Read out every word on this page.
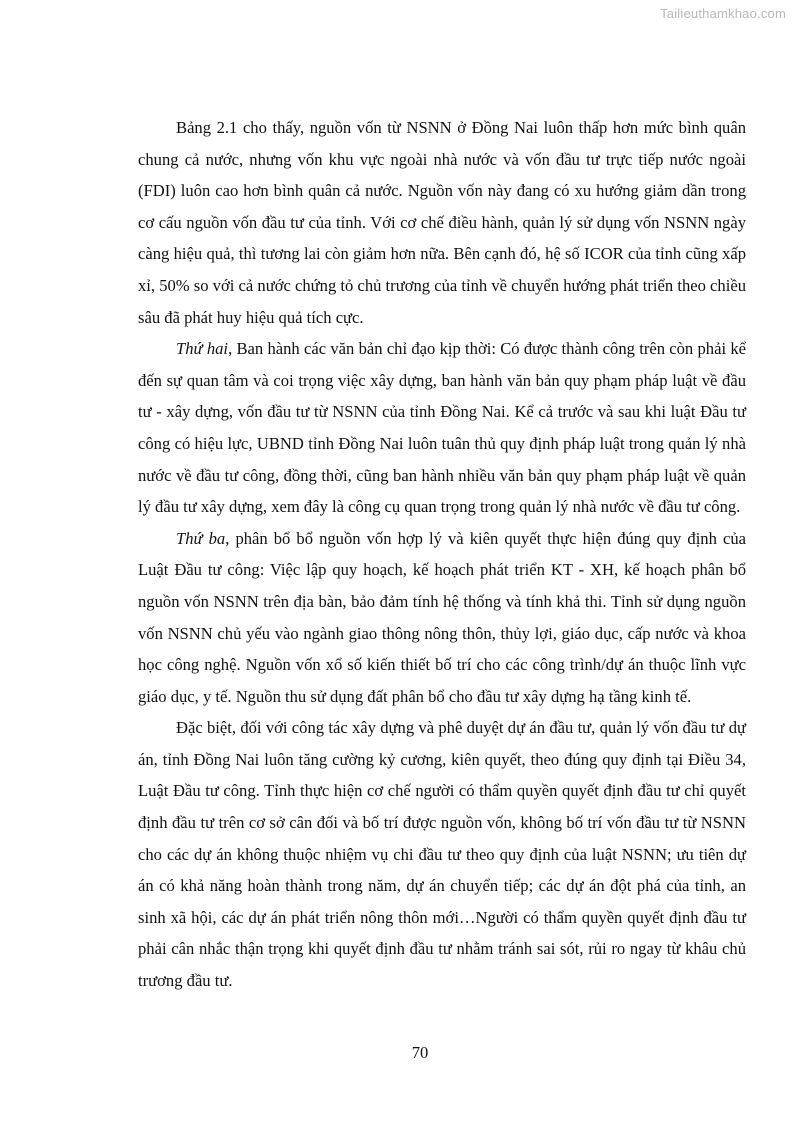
Tailieuthamkhao.com

Bảng 2.1 cho thấy, nguồn vốn từ NSNN ở Đồng Nai luôn thấp hơn mức bình quân chung cả nước, nhưng vốn khu vực ngoài nhà nước và vốn đầu tư trực tiếp nước ngoài (FDI) luôn cao hơn bình quân cả nước. Nguồn vốn này đang có xu hướng giảm dần trong cơ cấu nguồn vốn đầu tư của tỉnh. Với cơ chế điều hành, quản lý sử dụng vốn NSNN ngày càng hiệu quả, thì tương lai còn giảm hơn nữa. Bên cạnh đó, hệ số ICOR của tỉnh cũng xấp xỉ, 50% so với cả nước chứng tỏ chủ trương của tỉnh về chuyển hướng phát triển theo chiều sâu đã phát huy hiệu quả tích cực.

Thứ hai, Ban hành các văn bản chỉ đạo kịp thời: Có được thành công trên còn phải kể đến sự quan tâm và coi trọng việc xây dựng, ban hành văn bản quy phạm pháp luật về đầu tư - xây dựng, vốn đầu tư từ NSNN của tỉnh Đồng Nai. Kể cả trước và sau khi luật Đầu tư công có hiệu lực, UBND tỉnh Đồng Nai luôn tuân thủ quy định pháp luật trong quản lý nhà nước về đầu tư công, đồng thời, cũng ban hành nhiều văn bản quy phạm pháp luật về quản lý đầu tư xây dựng, xem đây là công cụ quan trọng trong quản lý nhà nước về đầu tư công.

Thứ ba, phân bổ bổ nguồn vốn hợp lý và kiên quyết thực hiện đúng quy định của Luật Đầu tư công: Việc lập quy hoạch, kế hoạch phát triển KT - XH, kế hoạch phân bổ nguồn vốn NSNN trên địa bàn, bảo đảm tính hệ thống và tính khả thi. Tỉnh sử dụng nguồn vốn NSNN chủ yếu vào ngành giao thông nông thôn, thủy lợi, giáo dục, cấp nước và khoa học công nghệ. Nguồn vốn xổ số kiến thiết bố trí cho các công trình/dự án thuộc lĩnh vực giáo dục, y tế. Nguồn thu sử dụng đất phân bổ cho đầu tư xây dựng hạ tầng kinh tế.

Đặc biệt, đối với công tác xây dựng và phê duyệt dự án đầu tư, quản lý vốn đầu tư dự án, tỉnh Đồng Nai luôn tăng cường kỷ cương, kiên quyết, theo đúng quy định tại Điều 34, Luật Đầu tư công. Tỉnh thực hiện cơ chế người có thẩm quyền quyết định đầu tư chỉ quyết định đầu tư trên cơ sở cân đối và bố trí được nguồn vốn, không bố trí vốn đầu tư từ NSNN cho các dự án không thuộc nhiệm vụ chi đầu tư theo quy định của luật NSNN; ưu tiên dự án có khả năng hoàn thành trong năm, dự án chuyển tiếp; các dự án đột phá của tỉnh, an sinh xã hội, các dự án phát triển nông thôn mới…Người có thẩm quyền quyết định đầu tư phải cân nhắc thận trọng khi quyết định đầu tư nhằm tránh sai sót, rủi ro ngay từ khâu chủ trương đầu tư.

70
